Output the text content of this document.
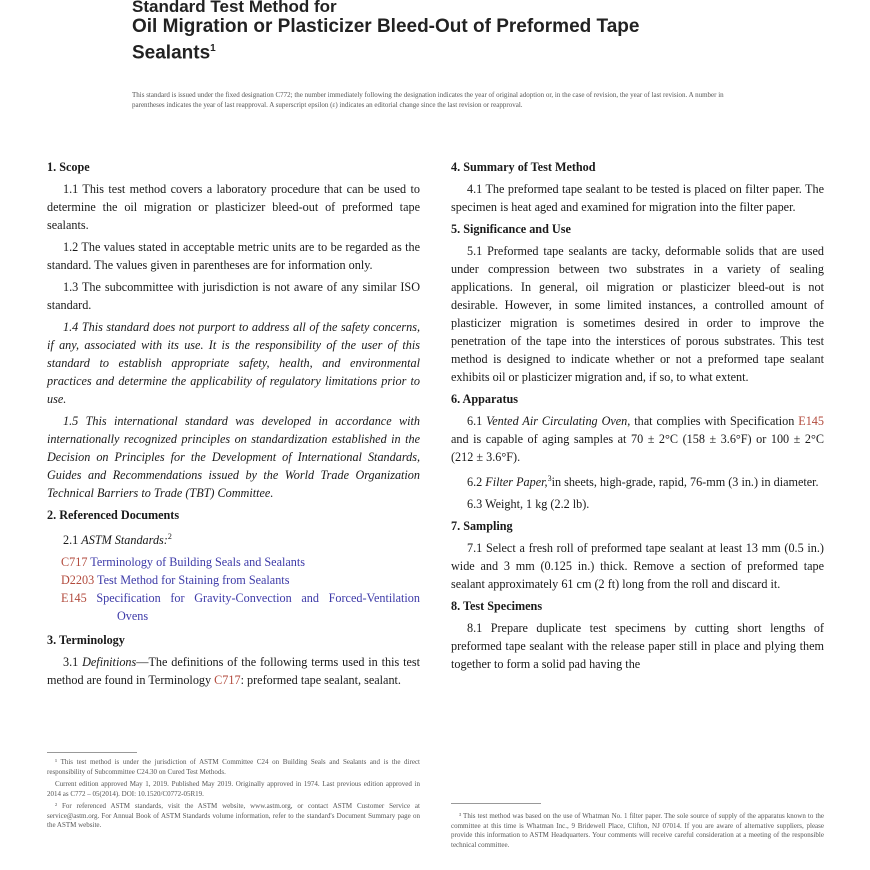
Standard Test Method for
Oil Migration or Plasticizer Bleed-Out of Preformed Tape
Sealants$^1$
This standard is issued under the fixed designation C772; the number immediately following the designation indicates the year of original adoption or, in the case of revision, the year of last revision. A number in parentheses indicates the year of last reapproval. A superscript epsilon (ε) indicates an editorial change since the last revision or reapproval.
1. Scope
1.1 This test method covers a laboratory procedure that can be used to determine the oil migration or plasticizer bleed-out of preformed tape sealants.
1.2 The values stated in acceptable metric units are to be regarded as the standard. The values given in parentheses are for information only.
1.3 The subcommittee with jurisdiction is not aware of any similar ISO standard.
1.4 This standard does not purport to address all of the safety concerns, if any, associated with its use. It is the responsibility of the user of this standard to establish appropriate safety, health, and environmental practices and determine the applicability of regulatory limitations prior to use.
1.5 This international standard was developed in accordance with internationally recognized principles on standardization established in the Decision on Principles for the Development of International Standards, Guides and Recommendations issued by the World Trade Organization Technical Barriers to Trade (TBT) Committee.
2. Referenced Documents
2.1 ASTM Standards:$^2$
C717 Terminology of Building Seals and Sealants
D2203 Test Method for Staining from Sealants
E145 Specification for Gravity-Convection and Forced-Ventilation Ovens
3. Terminology
3.1 Definitions—The definitions of the following terms used in this test method are found in Terminology C717: preformed tape sealant, sealant.
4. Summary of Test Method
4.1 The preformed tape sealant to be tested is placed on filter paper. The specimen is heat aged and examined for migration into the filter paper.
5. Significance and Use
5.1 Preformed tape sealants are tacky, deformable solids that are used under compression between two substrates in a variety of sealing applications. In general, oil migration or plasticizer bleed-out is not desirable. However, in some limited instances, a controlled amount of plasticizer migration is sometimes desired in order to improve the penetration of the tape into the interstices of porous substrates. This test method is designed to indicate whether or not a preformed tape sealant exhibits oil or plasticizer migration and, if so, to what extent.
6. Apparatus
6.1 Vented Air Circulating Oven, that complies with Specification E145 and is capable of aging samples at 70 ± 2°C (158 ± 3.6°F) or 100 ± 2°C (212 ± 3.6°F).
6.2 Filter Paper,$^3$in sheets, high-grade, rapid, 76-mm (3 in.) in diameter.
6.3 Weight, 1 kg (2.2 lb).
7. Sampling
7.1 Select a fresh roll of preformed tape sealant at least 13 mm (0.5 in.) wide and 3 mm (0.125 in.) thick. Remove a section of preformed tape sealant approximately 61 cm (2 ft) long from the roll and discard it.
8. Test Specimens
8.1 Prepare duplicate test specimens by cutting short lengths of preformed tape sealant with the release paper still in place and plying them together to form a solid pad having the

¹ This test method is under the jurisdiction of ASTM Committee C24 on Building Seals and Sealants and is the direct responsibility of Subcommittee C24.30 on Cured Test Methods.

Current edition approved May 1, 2019. Published May 2019. Originally approved in 1974. Last previous edition approved in 2014 as C772 – 05(2014). DOI: 10.1520/C0772-05R19.

² For referenced ASTM standards, visit the ASTM website, www.astm.org, or contact ASTM Customer Service at service@astm.org. For Annual Book of ASTM Standards volume information, refer to the standard's Document Summary page on the ASTM website.

³ This test method was based on the use of Whatman No. 1 filter paper. The sole source of supply of the apparatus known to the committee at this time is Whatman Inc., 9 Bridewell Place, Clifton, NJ 07014. If you are aware of alternative suppliers, please provide this information to ASTM Headquarters. Your comments will receive careful consideration at a meeting of the responsible technical committee.
